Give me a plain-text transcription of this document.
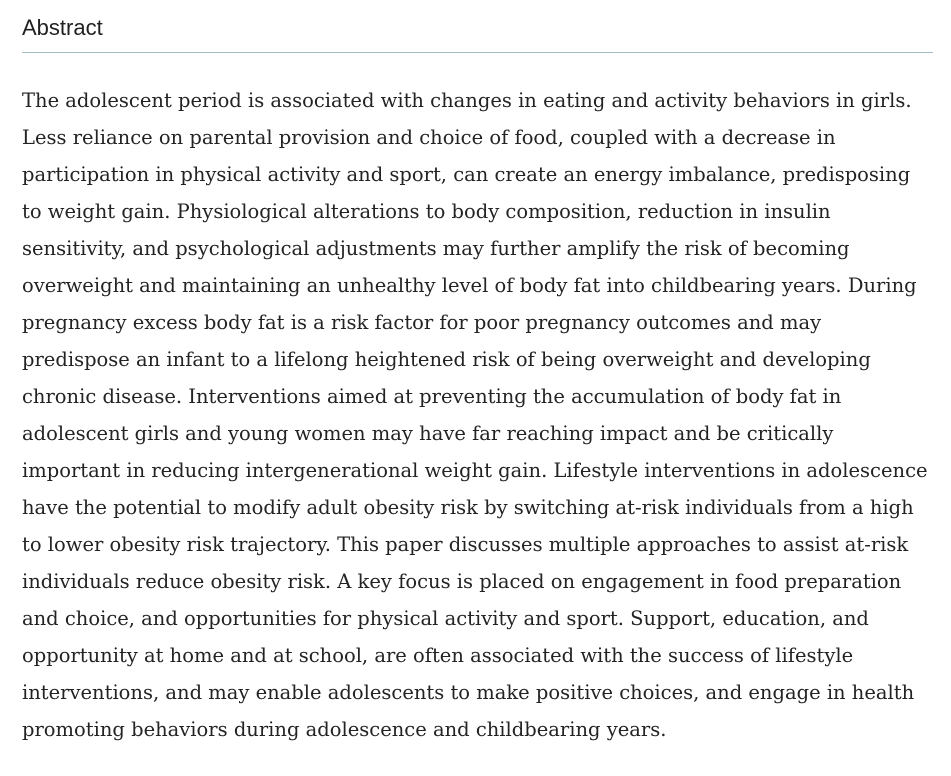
Abstract

The adolescent period is associated with changes in eating and activity behaviors in girls. Less reliance on parental provision and choice of food, coupled with a decrease in participation in physical activity and sport, can create an energy imbalance, predisposing to weight gain. Physiological alterations to body composition, reduction in insulin sensitivity, and psychological adjustments may further amplify the risk of becoming overweight and maintaining an unhealthy level of body fat into childbearing years. During pregnancy excess body fat is a risk factor for poor pregnancy outcomes and may predispose an infant to a lifelong heightened risk of being overweight and developing chronic disease. Interventions aimed at preventing the accumulation of body fat in adolescent girls and young women may have far reaching impact and be critically important in reducing intergenerational weight gain. Lifestyle interventions in adolescence have the potential to modify adult obesity risk by switching at-risk individuals from a high to lower obesity risk trajectory. This paper discusses multiple approaches to assist at-risk individuals reduce obesity risk. A key focus is placed on engagement in food preparation and choice, and opportunities for physical activity and sport. Support, education, and opportunity at home and at school, are often associated with the success of lifestyle interventions, and may enable adolescents to make positive choices, and engage in health promoting behaviors during adolescence and childbearing years.
